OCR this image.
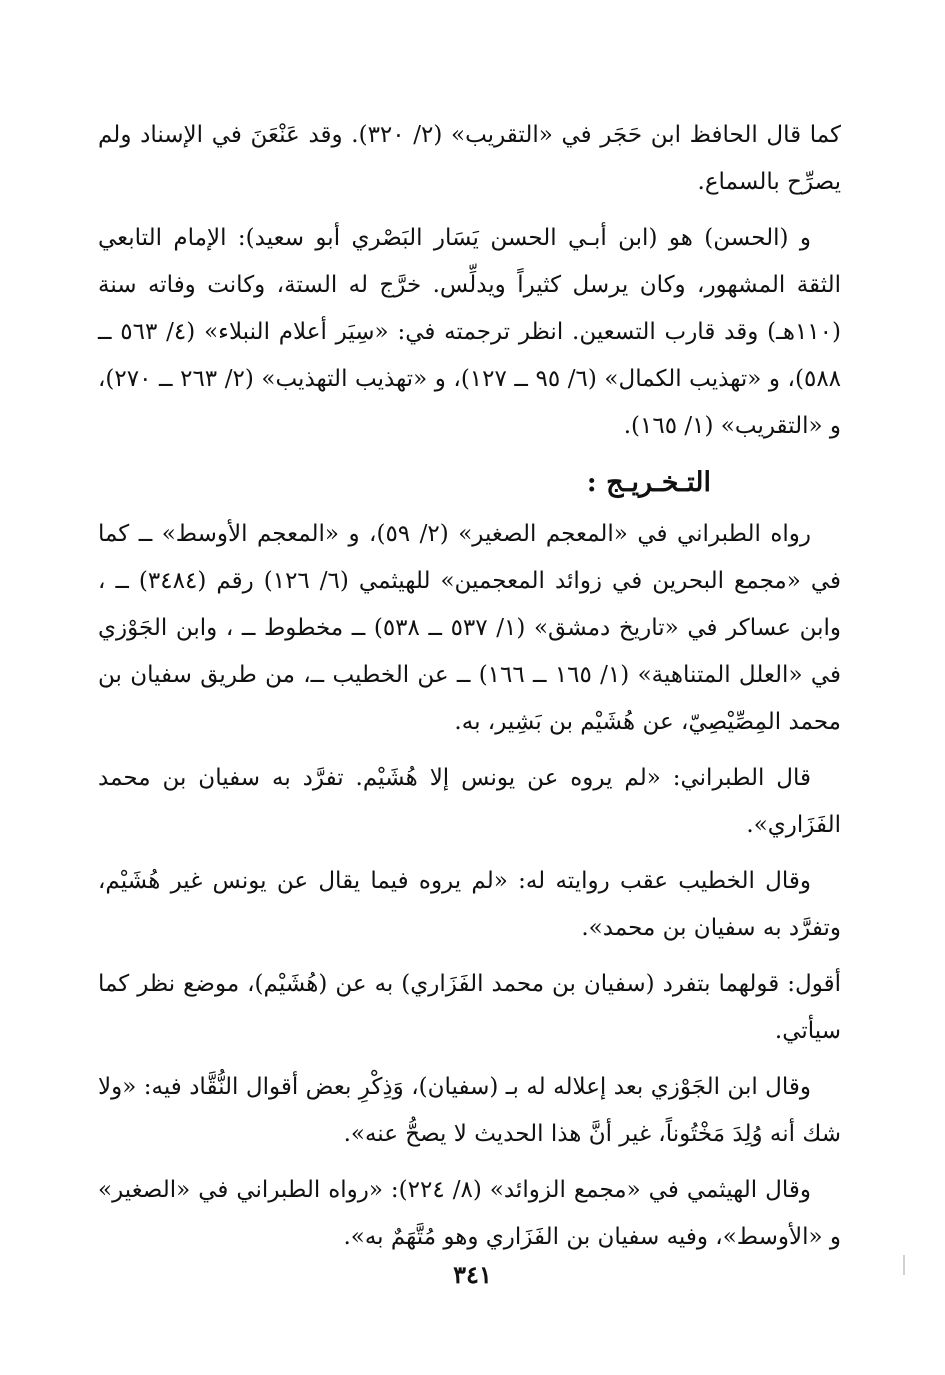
كما قال الحافظ ابن حَجَر في «التقريب» (٢/ ٣٢٠). وقد عَنْعَنَ في الإسناد ولم يصرِّح بالسماع.

و (الحسن) هو (ابن أبـي الحسن يَسَار البَصْري أبو سعيد): الإمام التابعي الثقة المشهور، وكان يرسل كثيراً ويدلِّس. خرَّج له الستة، وكانت وفاته سنة (١١٠هـ) وقد قارب التسعين. انظر ترجمته في: «سِيَر أعلام النبلاء» (٤/ ٥٦٣ ــ ٥٨٨)، و «تهذيب الكمال» (٦/ ٩٥ ــ ١٢٧)، و «تهذيب التهذيب» (٢/ ٢٦٣ ــ ٢٧٠)، و «التقريب» (١/ ١٦٥).

التـخـريـج :

رواه الطبراني في «المعجم الصغير» (٢/ ٥٩)، و «المعجم الأوسط» ــ كما في «مجمع البحرين في زوائد المعجمين» للهيثمي (٦/ ١٢٦) رقم (٣٤٨٤) ــ ، وابن عساكر في «تاريخ دمشق» (١/ ٥٣٧ ــ ٥٣٨) ــ مخطوط ــ ، وابن الجَوْزي في «العلل المتناهية» (١/ ١٦٥ ــ ١٦٦) ــ عن الخطيب ــ، من طريق سفيان بن محمد المِصِّيْصِيّ، عن هُشَيْم بن بَشِير، به.

قال الطبراني: «لم يروه عن يونس إلا هُشَيْم. تفرَّد به سفيان بن محمد الفَزَاري».

وقال الخطيب عقب روايته له: «لم يروه فيما يقال عن يونس غير هُشَيْم، وتفرَّد به سفيان بن محمد».

أقول: قولهما بتفرد (سفيان بن محمد الفَزَاري) به عن (هُشَيْم)، موضع نظر كما سيأتي.

وقال ابن الجَوْزي بعد إعلاله له بـ (سفيان)، وَذِكْرِ بعض أقوال النُّقَّاد فيه: «ولا شك أنه وُلِدَ مَخْتُوناً، غير أنَّ هذا الحديث لا يصحُّ عنه».

وقال الهيثمي في «مجمع الزوائد» (٨/ ٢٢٤): «رواه الطبراني في «الصغير» و «الأوسط»، وفيه سفيان بن الفَزَاري وهو مُتَّهَمٌ به».

٣٤١
